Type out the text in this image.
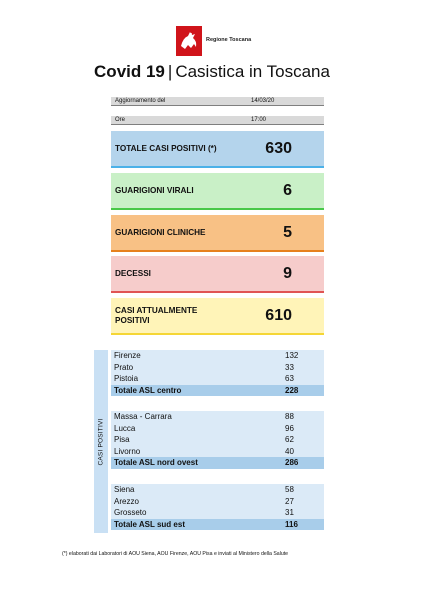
Regione Toscana
Covid 19 | Casistica in Toscana
Aggiornamento del	14/03/20
Ore	17:00
TOTALE CASI POSITIVI (*)	630
GUARIGIONI VIRALI	6
GUARIGIONI CLINICHE	5
DECESSI	9
CASI ATTUALMENTE POSITIVI	610
CASI POSITIVI
Firenze	132
Prato	33
Pistoia	63
Totale ASL centro	228
Massa - Carrara	88
Lucca	96
Pisa	62
Livorno	40
Totale ASL nord ovest	286
Siena	58
Arezzo	27
Grosseto	31
Totale ASL sud est	116
(*) elaborati dai Laboratori di AOU Siena, AOU Firenze, AOU Pisa e inviati al Ministero della Salute
